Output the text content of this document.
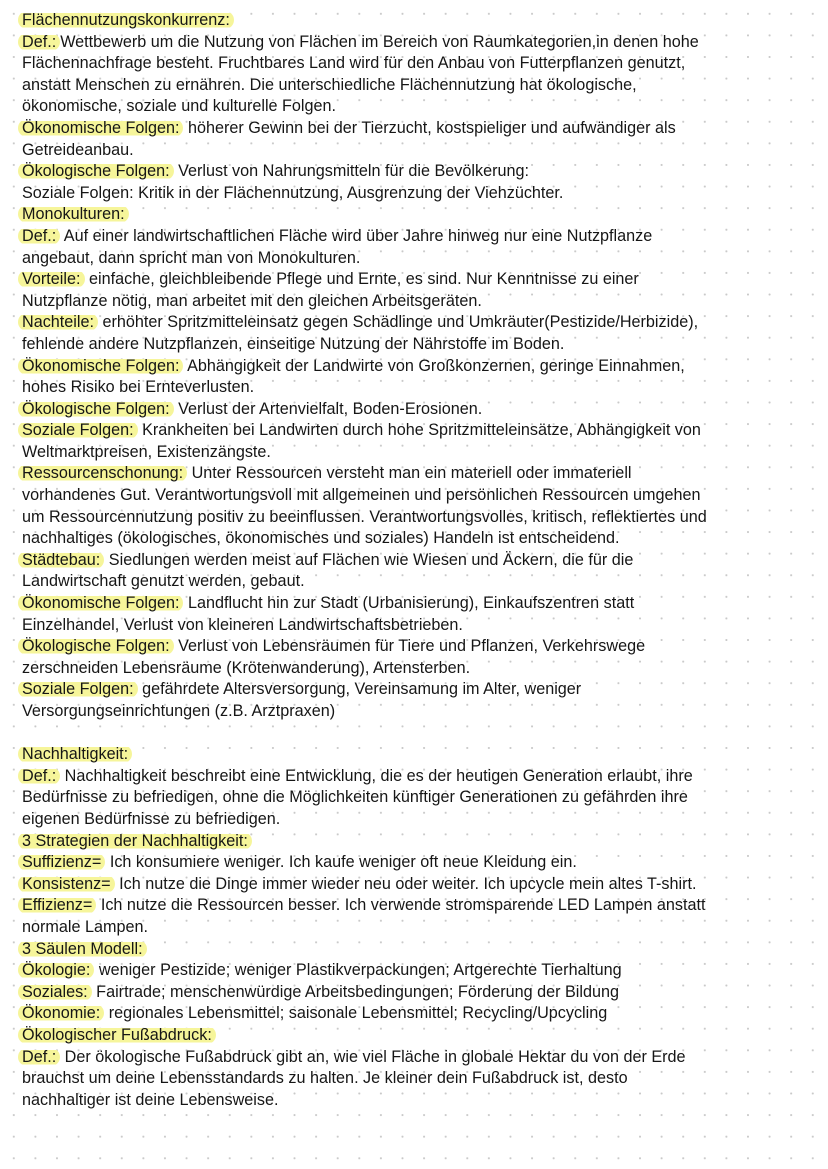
Flächennutzungskonkurrenz:
Def.: Wettbewerb um die Nutzung von Flächen im Bereich von Raumkategorien,in denen hohe
Flächennachfrage besteht. Fruchtbares Land wird für den Anbau von Futterpflanzen genutzt,
anstatt Menschen zu ernähren. Die unterschiedliche Flächennutzung hat ökologische,
ökonomische, soziale und kulturelle Folgen.
Ökonomische Folgen: höherer Gewinn bei der Tierzucht, kostspieliger und aufwändiger als
Getreideanbau.
Ökologische Folgen: Verlust von Nahrungsmitteln für die Bevölkerung:
Soziale Folgen: Kritik in der Flächennutzung, Ausgrenzung der Viehzüchter.
Monokulturen:
Def.: Auf einer landwirtschaftlichen Fläche wird über Jahre hinweg nur eine Nutzpflanze
angebaut, dann spricht man von Monokulturen.
Vorteile: einfache, gleichbleibende Pflege und Ernte, es sind. Nur Kenntnisse zu einer
Nutzpflanze nötig, man arbeitet mit den gleichen Arbeitsgeräten.
Nachteile: erhöhter Spritzmitteleinsatz gegen Schädlinge und Umkräuter(Pestizide/Herbizide),
fehlende andere Nutzpflanzen, einseitige Nutzung der Nährstoffe im Boden.
Ökonomische Folgen: Abhängigkeit der Landwirte von Großkonzernen, geringe Einnahmen,
hohes Risiko bei Ernteverlusten.
Ökologische Folgen: Verlust der Artenvielfalt, Boden-Erosionen.
Soziale Folgen: Krankheiten bei Landwirten durch hohe Spritzmitteleinsätze, Abhängigkeit von
Weltmarktpreisen, Existenzängste.
Ressourcenschonung: Unter Ressourcen versteht man ein materiell oder immateriell
vorhandenes Gut. Verantwortungsvoll mit allgemeinen und persönlichen Ressourcen umgehen
um Ressourcennutzung positiv zu beeinflussen. Verantwortungsvolles, kritisch, reflektiertes und
nachhaltiges (ökologisches, ökonomisches und soziales) Handeln ist entscheidend.
Städtebau: Siedlungen werden meist auf Flächen wie Wiesen und Äckern, die für die
Landwirtschaft genutzt werden, gebaut.
Ökonomische Folgen: Landflucht hin zur Stadt (Urbanisierung), Einkaufszentren statt
Einzelhandel, Verlust von kleineren Landwirtschaftsbetrieben.
Ökologische Folgen: Verlust von Lebensräumen für Tiere und Pflanzen, Verkehrswege
zerschneiden Lebensräume (Krötenwanderung), Artensterben.
Soziale Folgen: gefährdete Altersversorgung, Vereinsamung im Alter, weniger
Versorgungseinrichtungen (z.B. Arztpraxen)
Nachhaltigkeit:
Def.: Nachhaltigkeit beschreibt eine Entwicklung, die es der heutigen Generation erlaubt, ihre
Bedürfnisse zu befriedigen, ohne die Möglichkeiten künftiger Generationen zu gefährden ihre
eigenen Bedürfnisse zu befriedigen.
3 Strategien der Nachhaltigkeit:
Suffizienz= Ich konsumiere weniger. Ich kaufe weniger oft neue Kleidung ein.
Konsistenz= Ich nutze die Dinge immer wieder neu oder weiter. Ich upcycle mein altes T-shirt.
Effizienz= Ich nutze die Ressourcen besser. Ich verwende stromsparende LED Lampen anstatt
normale Lampen.
3 Säulen Modell:
Ökologie: weniger Pestizide; weniger Plastikverpackungen; Artgerechte Tierhaltung
Soziales: Fairtrade; menschenwürdige Arbeitsbedingungen; Förderung der Bildung
Ökonomie: regionales Lebensmittel; saisonale Lebensmittel; Recycling/Upcycling
Ökologischer Fußabdruck:
Def.: Der ökologische Fußabdruck gibt an, wie viel Fläche in globale Hektar du von der Erde
brauchst um deine Lebensstandards zu halten. Je kleiner dein Fußabdruck ist, desto
nachhaltiger ist deine Lebensweise.
